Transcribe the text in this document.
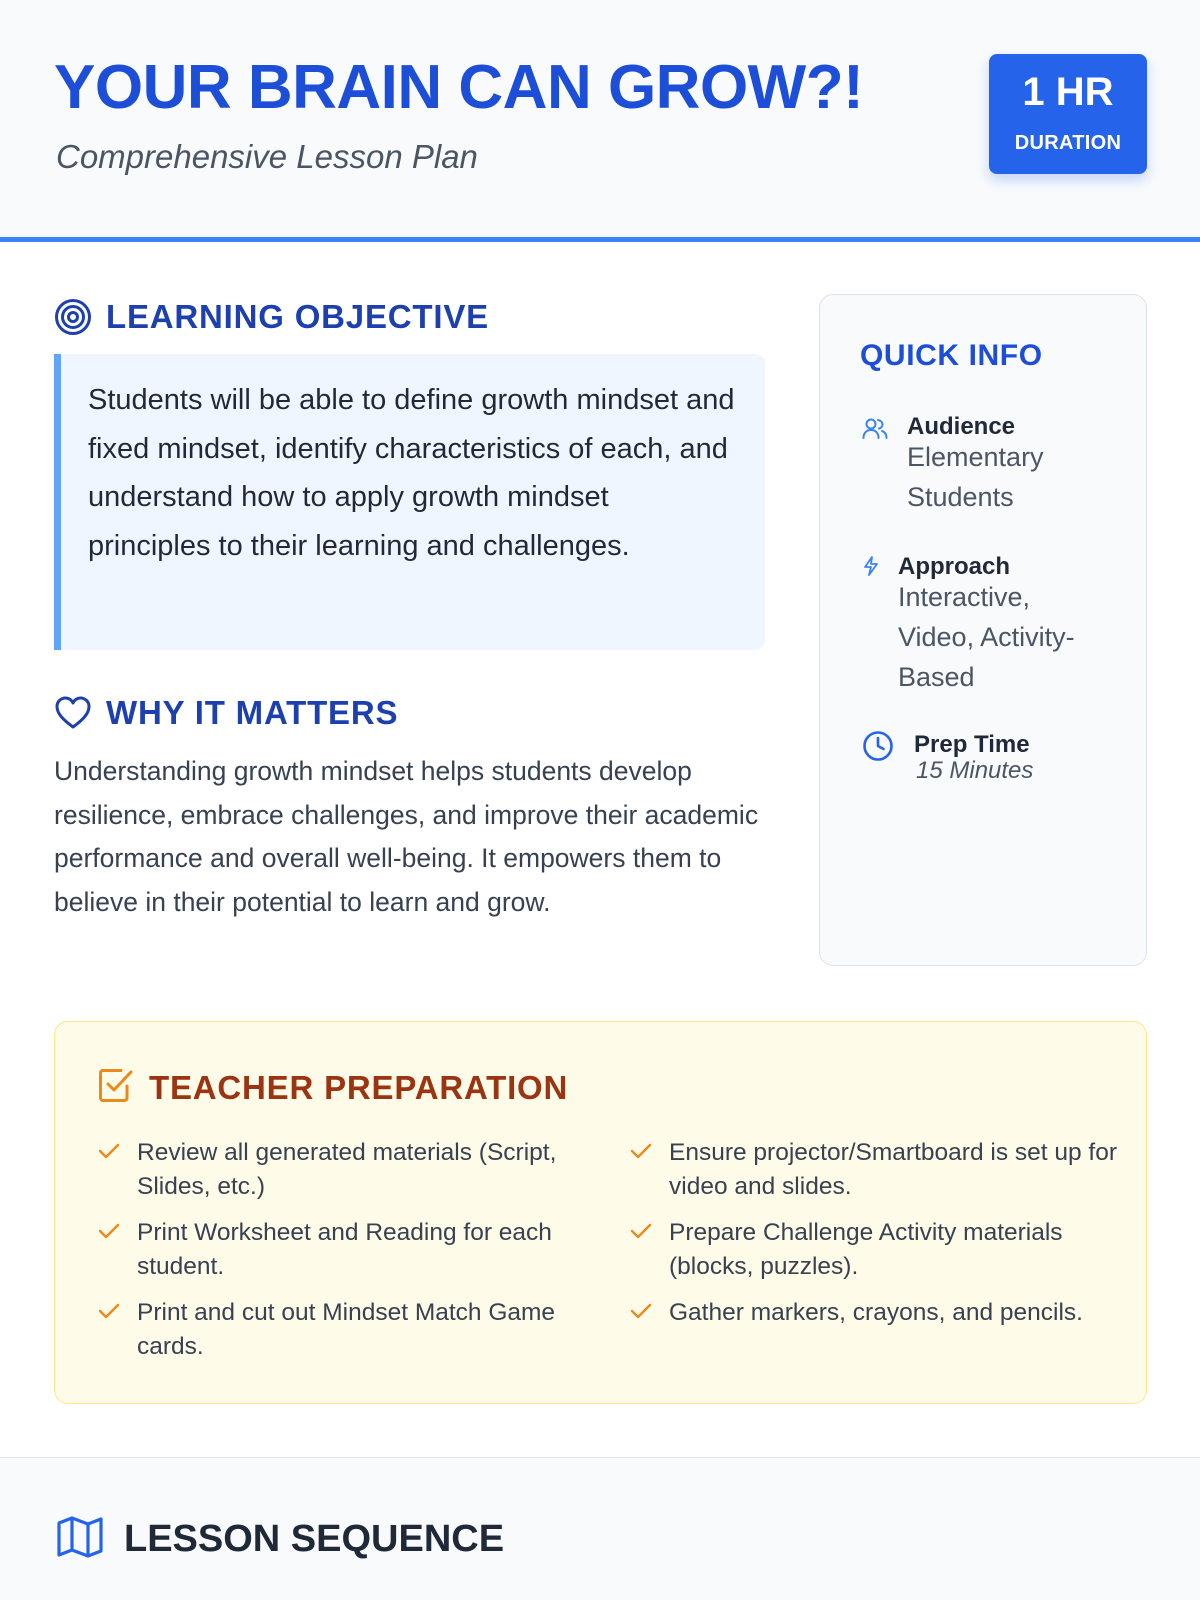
YOUR BRAIN CAN GROW?!
Comprehensive Lesson Plan
1 HR
DURATION
LEARNING OBJECTIVE
Students will be able to define growth mindset and fixed mindset, identify characteristics of each, and understand how to apply growth mindset principles to their learning and challenges.
WHY IT MATTERS
Understanding growth mindset helps students develop resilience, embrace challenges, and improve their academic performance and overall well-being. It empowers them to believe in their potential to learn and grow.
QUICK INFO
Audience
Elementary Students
Approach
Interactive, Video, Activity-Based
Prep Time
15 Minutes
TEACHER PREPARATION
Review all generated materials (Script, Slides, etc.)
Ensure projector/Smartboard is set up for video and slides.
Print Worksheet and Reading for each student.
Prepare Challenge Activity materials (blocks, puzzles).
Print and cut out Mindset Match Game cards.
Gather markers, crayons, and pencils.
LESSON SEQUENCE
